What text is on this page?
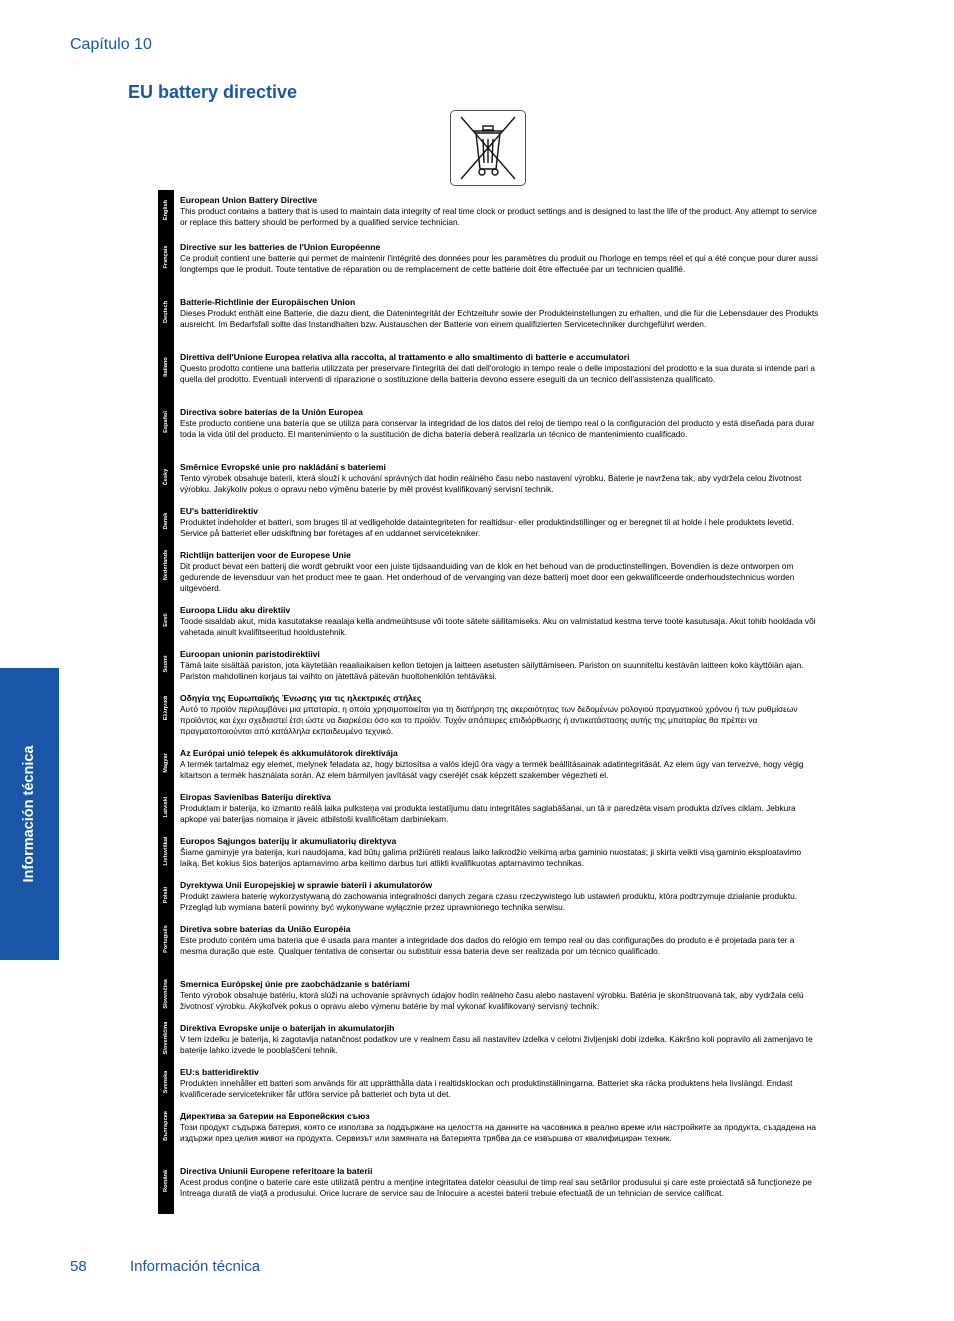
Capítulo 10
EU battery directive
Información técnica
English
Français
Deutsch
Italiano
Español
Česky
Dansk
Nederlands
Eesti
Suomi
Ελληνικά
Magyar
Latviski
Lietuviškai
Polski
Português
Slovenčina
Slovenščina
Svenska
Български
Română
European Union Battery Directive
This product contains a battery that is used to maintain data integrity of real time clock or product settings and is designed to last the life of the product. Any attempt to service or replace this battery should be performed by a qualified service technician.
Directive sur les batteries de l'Union Européenne
Ce produit contient une batterie qui permet de maintenir l'intégrité des données pour les paramètres du produit ou l'horloge en temps réel et qui a été conçue pour durer aussi longtemps que le produit. Toute tentative de réparation ou de remplacement de cette batterie doit être effectuée par un technicien qualifié.
Batterie-Richtlinie der Europäischen Union
Dieses Produkt enthält eine Batterie, die dazu dient, die Datenintegrität der Echtzeituhr sowie der Produkteinstellungen zu erhalten, und die für die Lebensdauer des Produkts ausreicht. Im Bedarfsfall sollte das Instandhalten bzw. Austauschen der Batterie von einem qualifizierten Servicetechniker durchgeführt werden.
Direttiva dell'Unione Europea relativa alla raccolta, al trattamento e allo smaltimento di batterie e accumulatori
Questo prodotto contiene una batteria utilizzata per preservare l'integrità dei dati dell'orologio in tempo reale o delle impostazioni del prodotto e la sua durata si intende pari a quella del prodotto. Eventuali interventi di riparazione o sostituzione della batteria devono essere eseguiti da un tecnico dell'assistenza qualificato.
Directiva sobre baterías de la Unión Europea
Este producto contiene una batería que se utiliza para conservar la integridad de los datos del reloj de tiempo real o la configuración del producto y está diseñada para durar toda la vida útil del producto. El mantenimiento o la sustitución de dicha batería deberá realizarla un técnico de mantenimiento cualificado.
Směrnice Evropské unie pro nakládání s bateriemi
Tento výrobek obsahuje baterii, která slouží k uchování správných dat hodin reálného času nebo nastavení výrobku. Baterie je navržena tak, aby vydržela celou životnost výrobku. Jakýkoliv pokus o opravu nebo výměnu baterie by měl provést kvalifikovaný servisní technik.
EU's batteridirektiv
Produktet indeholder et batteri, som bruges til at vedligeholde dataintegriteten for realtidsur- eller produktindstillinger og er beregnet til at holde i hele produktets levetid. Service på batteriet eller udskiftning bør foretages af en uddannet servicetekniker.
Richtlijn batterijen voor de Europese Unie
Dit product bevat een batterij die wordt gebruikt voor een juiste tijdsaanduiding van de klok en het behoud van de productinstellingen. Bovendien is deze ontworpen om gedurende de levensduur van het product mee te gaan. Het onderhoud of de vervanging van deze batterij moet door een gekwalificeerde onderhoudstechnicus worden uitgevoerd.
Euroopa Liidu aku direktiiv
Toode sisaldab akut, mida kasutatakse reaalaja kella andmeühtsuse või toote sätete säilitamiseks. Aku on valmistatud kestma terve toote kasutusaja. Akut tohib hooldada või vahetada ainult kvalifitseeritud hooldustehnik.
Euroopan unionin paristodirektiivi
Tämä laite sisältää pariston, jota käytetään reaaliaikaisen kellon tietojen ja laitteen asetusten säilyttämiseen. Pariston on suunniteltu kestävän laitteen koko käyttöiän ajan. Pariston mahdollinen korjaus tai vaihto on jätettävä pätevän huoltohenkilön tehtäväksi.
Οδηγία της Ευρωπαϊκής Ένωσης για τις ηλεκτρικές στήλες
Αυτό το προϊόν περιλαμβάνει μια μπαταρία, η οποία χρησιμοποιείται για τη διατήρηση της ακεραιότητας των δεδομένων ρολογιού πραγματικού χρόνου ή των ρυθμίσεων προϊόντος και έχει σχεδιαστεί έτσι ώστε να διαρκέσει όσο και το προϊόν. Τυχόν απόπειρες επιδιόρθωσης ή αντικατάστασης αυτής της μπαταρίας θα πρέπει να πραγματοποιούνται από κατάλληλα εκπαιδευμένο τεχνικό.
Az Európai unió telepek és akkumulátorok direktívája
A termék tartalmaz egy elemet, melynek feladata az, hogy biztosítsa a valós idejű óra vagy a termék beállításainak adatintegritását. Az elem úgy van tervezve, hogy végig kitartson a termék használata során. Az elem bármilyen javítását vagy cseréjét csak képzett szakember végezheti el.
Eiropas Savienības Bateriju direktīva
Produktam ir baterija, ko izmanto reālā laika pulksteņa vai produkta iestatījumu datu integritātes saglabāšanai, un tā ir paredzēta visam produkta dzīves ciklam. Jebkura apkope vai baterijas nomaiņa ir jāveic atbilstoši kvalificētam darbiniekam.
Europos Sąjungos baterijų ir akumuliatorių direktyva
Šiame gaminyje yra baterija, kuri naudojama, kad būtų galima prižiūrėti realaus laiko laikrodžio veikimą arba gaminio nuostatas; ji skirta veikti visą gaminio eksploatavimo laiką. Bet kokius šios baterijos aptarnavimo arba keitimo darbus turi atlikti kvalifikuotas aptarnavimo technikas.
Dyrektywa Unii Europejskiej w sprawie baterii i akumulatorów
Produkt zawiera baterię wykorzystywaną do zachowania integralności danych zegara czasu rzeczywistego lub ustawień produktu, która podtrzymuje działanie produktu. Przegląd lub wymiana baterii powinny być wykonywane wyłącznie przez uprawnionego technika serwisu.
Diretiva sobre baterias da União Européia
Este produto contém uma bateria que é usada para manter a integridade dos dados do relógio em tempo real ou das configurações do produto e é projetada para ter a mesma duração que este. Qualquer tentativa de consertar ou substituir essa bateria deve ser realizada por um técnico qualificado.
Smernica Európskej únie pre zaobchádzanie s batériami
Tento výrobok obsahuje batériu, ktorá slúži na uchovanie správnych údajov hodín reálneho času alebo nastavení výrobku. Batéria je skonštruovaná tak, aby vydržala celú životnosť výrobku. Akýkoľvek pokus o opravu alebo výmenu batérie by mal vykonať kvalifikovaný servisný technik.
Direktiva Evropske unije o baterijah in akumulatorjih
V tem izdelku je baterija, ki zagotavlja natančnost podatkov ure v realnem času ali nastavitev izdelka v celotni življenjski dobi izdelka. Kakršno koli popravilo ali zamenjavo te baterije lahko izvede le pooblaščeni tehnik.
EU:s batteridirektiv
Produkten innehåller ett batteri som används för att upprätthålla data i realtidsklockan och produktinställningarna. Batteriet ska räcka produktens hela livslängd. Endast kvalificerade servicetekniker får utföra service på batteriet och byta ut det.
Директива за батерии на Европейския съюз
Този продукт съдържа батерия, която се използва за поддържане на целостта на данните на часовника в реално време или настройките за продукта, създадена на издържи през целия живот на продукта. Сервизът или замяната на батерията трябва да се извършва от квалифициран техник.
Directiva Uniunii Europene referitoare la baterii
Acest produs conţine o baterie care este utilizată pentru a menţine integritatea datelor ceasului de timp real sau setărilor produsului şi care este proiectată să funcţioneze pe întreaga durată de viaţă a produsului. Orice lucrare de service sau de înlocuire a acestei baterii trebuie efectuată de un tehnician de service calificat.
58	Información técnica
